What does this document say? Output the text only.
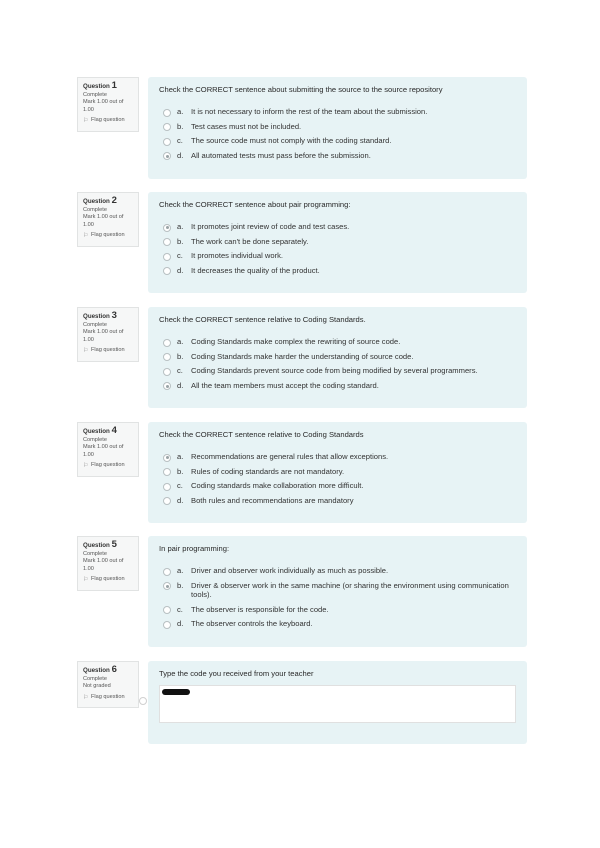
Question 1
Complete
Mark 1.00 out of 1.00
⚐ Flag question

Check the CORRECT sentence about submitting the source to the source repository

a.	It is not necessary to inform the rest of the team about the submission.
b.	Test cases must not be included.
c.	The source code must not comply with the coding standard.
d.	All automated tests must pass before the submission.
Question 2
Complete
Mark 1.00 out of 1.00
⚐ Flag question

Check the CORRECT sentence about pair programming:

a.	It promotes joint review of code and test cases.
b.	The work can't be done separately.
c.	It promotes individual work.
d.	It decreases the quality of the product.
Question 3
Complete
Mark 1.00 out of 1.00
⚐ Flag question

Check the CORRECT sentence relative to Coding Standards.

a.	Coding Standards make complex the rewriting of source code.
b.	Coding Standards make harder the understanding of source code.
c.	Coding Standards prevent source code from being modified by several programmers.
d.	All the team members must accept the coding standard.
Question 4
Complete
Mark 1.00 out of 1.00
⚐ Flag question

Check the CORRECT sentence relative to Coding Standards

a.	Recommendations are general rules that allow exceptions.
b.	Rules of coding standards are not mandatory.
c.	Coding standards make collaboration more difficult.
d.	Both rules and recommendations are mandatory
Question 5
Complete
Mark 1.00 out of 1.00
⚐ Flag question

In pair programming:

a.	Driver and observer work individually as much as possible.
b.	Driver & observer work in the same machine (or sharing the environment using communication tools).
c.	The observer is responsible for the code.
d.	The observer controls the keyboard.
Question 6
Complete
Not graded
⚐ Flag question

Type the code you received from your teacher
